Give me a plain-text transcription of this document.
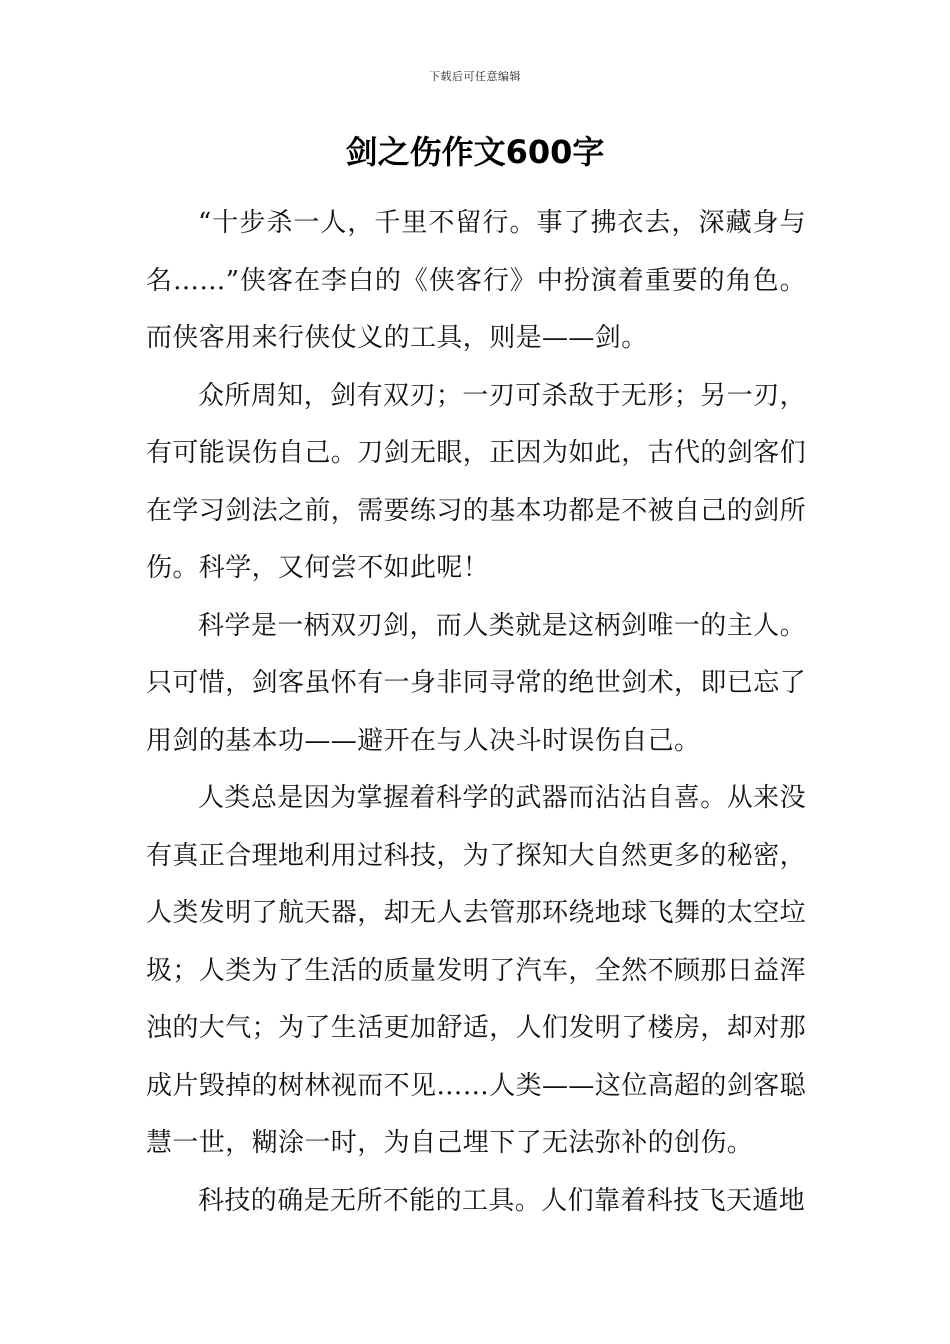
下载后可任意编辑
剑之伤作文600字

“十步杀一人，千里不留行。事了拂衣去，深藏身与名……”侠客在李白的《侠客行》中扮演着重要的角色。而侠客用来行侠仗义的工具，则是——剑。

众所周知，剑有双刃；一刃可杀敌于无形；另一刃，有可能误伤自己。刀剑无眼，正因为如此，古代的剑客们在学习剑法之前，需要练习的基本功都是不被自己的剑所伤。科学，又何尝不如此呢！

科学是一柄双刃剑，而人类就是这柄剑唯一的主人。只可惜，剑客虽怀有一身非同寻常的绝世剑术，即已忘了用剑的基本功——避开在与人决斗时误伤自己。

人类总是因为掌握着科学的武器而沾沾自喜。从来没有真正合理地利用过科技，为了探知大自然更多的秘密，人类发明了航天器，却无人去管那环绕地球飞舞的太空垃圾；人类为了生活的质量发明了汽车，全然不顾那日益浑浊的大气；为了生活更加舒适，人们发明了楼房，却对那成片毁掉的树林视而不见……人类——这位高超的剑客聪慧一世，糊涂一时，为自己埋下了无法弥补的创伤。

科技的确是无所不能的工具。人们靠着科技飞天遁地
